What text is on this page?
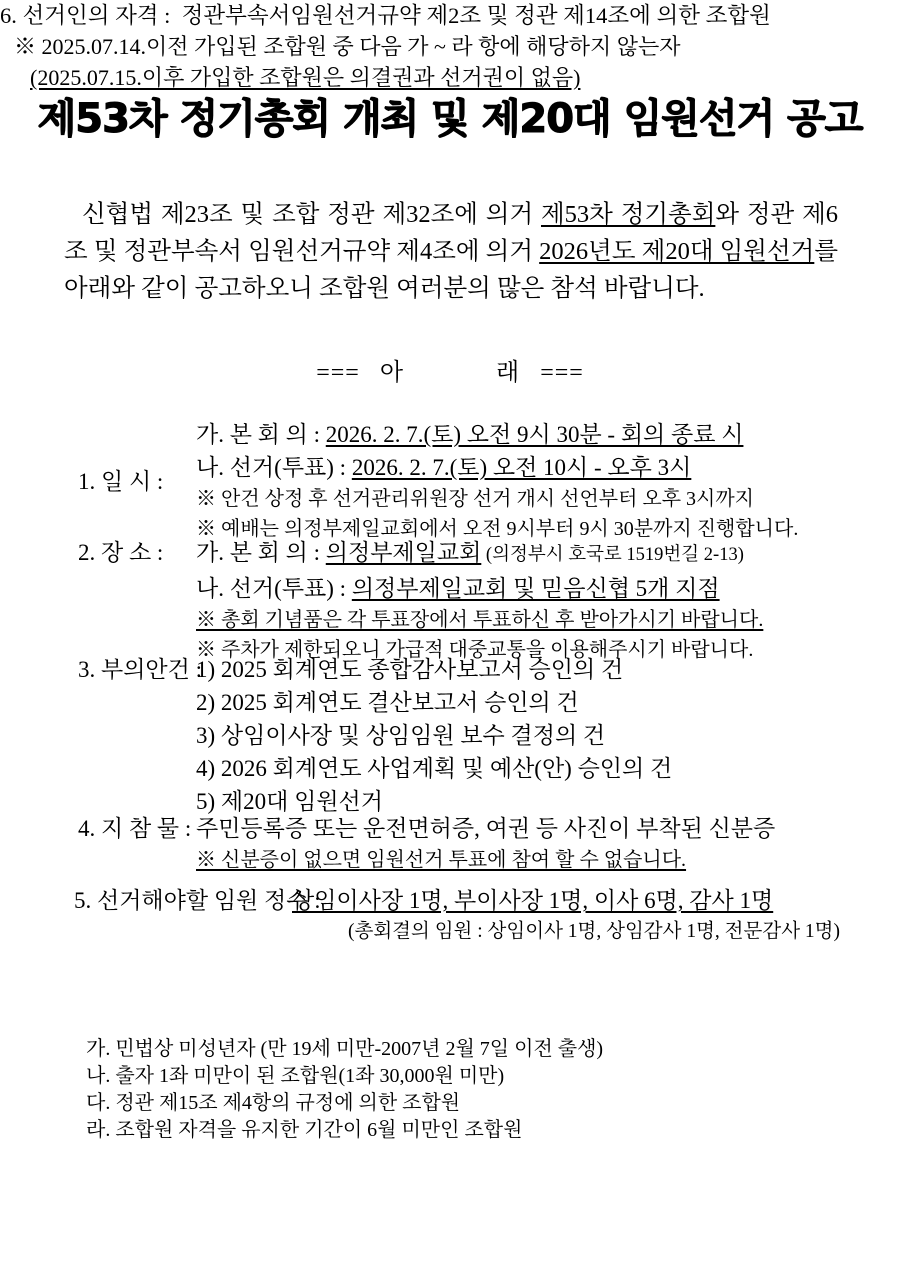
제53차 정기총회 개최 및 제20대 임원선거 공고

신협법 제23조 및 조합 정관 제32조에 의거 제53차 정기총회와 정관 제6조 및 정관부속서 임원선거규약 제4조에 의거 2026년도 제20대 임원선거를 아래와 같이 공고하오니 조합원 여러분의 많은 참석 바랍니다.

=== 아	래 ===
1. 일 시 :
가. 본 회 의 : 2026. 2. 7.(토) 오전 9시 30분 - 회의 종료 시
나. 선거(투표) : 2026. 2. 7.(토) 오전 10시 - 오후 3시
※ 안건 상정 후 선거관리위원장 선거 개시 선언부터 오후 3시까지
※ 예배는 의정부제일교회에서 오전 9시부터 9시 30분까지 진행합니다.
2. 장 소 :	가. 본 회 의 : 의정부제일교회 (의정부시 호국로 1519번길 2-13)
나. 선거(투표) : 의정부제일교회 및 믿음신협 5개 지점
※ 총회 기념품은 각 투표장에서 투표하신 후 받아가시기 바랍니다.
※ 주차가 제한되오니 가급적 대중교통을 이용해주시기 바랍니다.
3. 부의안건 :
1) 2025 회계연도 종합감사보고서 승인의 건
2) 2025 회계연도 결산보고서 승인의 건
3) 상임이사장 및 상임임원 보수 결정의 건
4) 2026 회계연도 사업계획 및 예산(안) 승인의 건
5) 제20대 임원선거
4. 지 참 물 : 주민등록증 또는 운전면허증, 여권 등 사진이 부착된 신분증
※ 신분증이 없으면 임원선거 투표에 참여 할 수 없습니다.
5. 선거해야할 임원 정수 :
상임이사장 1명, 부이사장 1명, 이사 6명, 감사 1명
(총회결의 임원 : 상임이사 1명, 상임감사 1명, 전문감사 1명)
6. 선거인의 자격 : 정관부속서임원선거규약 제2조 및 정관 제14조에 의한 조합원
※ 2025.07.14.이전 가입된 조합원 중 다음 가 ~ 라 항에 해당하지 않는자
(2025.07.15.이후 가입한 조합원은 의결권과 선거권이 없음)
가. 민법상 미성년자 (만 19세 미만-2007년 2월 7일 이전 출생)
나. 출자 1좌 미만이 된 조합원(1좌 30,000원 미만)
다. 정관 제15조 제4항의 규정에 의한 조합원
라. 조합원 자격을 유지한 기간이 6월 미만인 조합원
